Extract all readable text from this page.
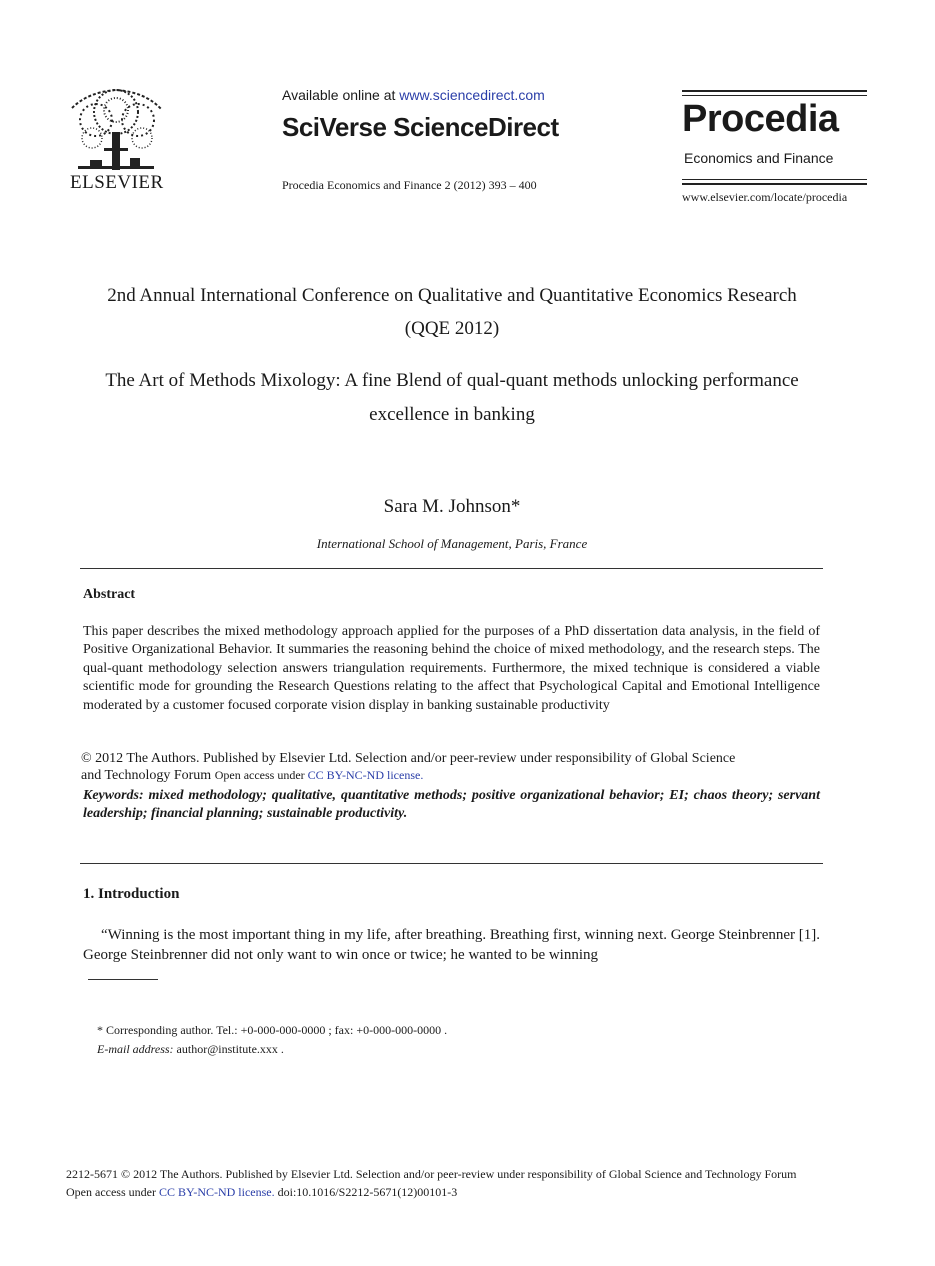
ELSEVIER
Available online at www.sciencedirect.com
SciVerse ScienceDirect
Procedia Economics and Finance 2 (2012) 393 – 400
Procedia
Economics and Finance
www.elsevier.com/locate/procedia
2nd Annual International Conference on Qualitative and Quantitative Economics Research
(QQE 2012)
The Art of Methods Mixology: A fine Blend of qual-quant methods unlocking performance
excellence in banking
Sara M. Johnson*
International School of Management, Paris, France
Abstract
This paper describes the mixed methodology approach applied for the purposes of a PhD dissertation data analysis, in the field of Positive Organizational Behavior. It summaries the reasoning behind the choice of mixed methodology, and the research steps. The qual-quant methodology selection answers triangulation requirements. Furthermore, the mixed technique is considered a viable scientific mode for grounding the Research Questions relating to the affect that Psychological Capital and Emotional Intelligence moderated by a customer focused corporate vision display in banking sustainable productivity
© 2012 The Authors. Published by Elsevier Ltd. Selection and/or peer-review under responsibility of Global Science
and Technology Forum Open access under CC BY-NC-ND license.
Keywords: mixed methodology; qualitative, quantitative methods; positive organizational behavior; EI; chaos theory; servant leadership; financial planning; sustainable productivity.
1. Introduction
“Winning is the most important thing in my life, after breathing. Breathing first, winning next. George Steinbrenner [1]. George Steinbrenner did not only want to win once or twice; he wanted to be winning
* Corresponding author. Tel.: +0-000-000-0000 ; fax: +0-000-000-0000 .
E-mail address: author@institute.xxx .
2212-5671 © 2012 The Authors. Published by Elsevier Ltd. Selection and/or peer-review under responsibility of Global Science and Technology Forum
Open access under CC BY-NC-ND license. doi:10.1016/S2212-5671(12)00101-3
